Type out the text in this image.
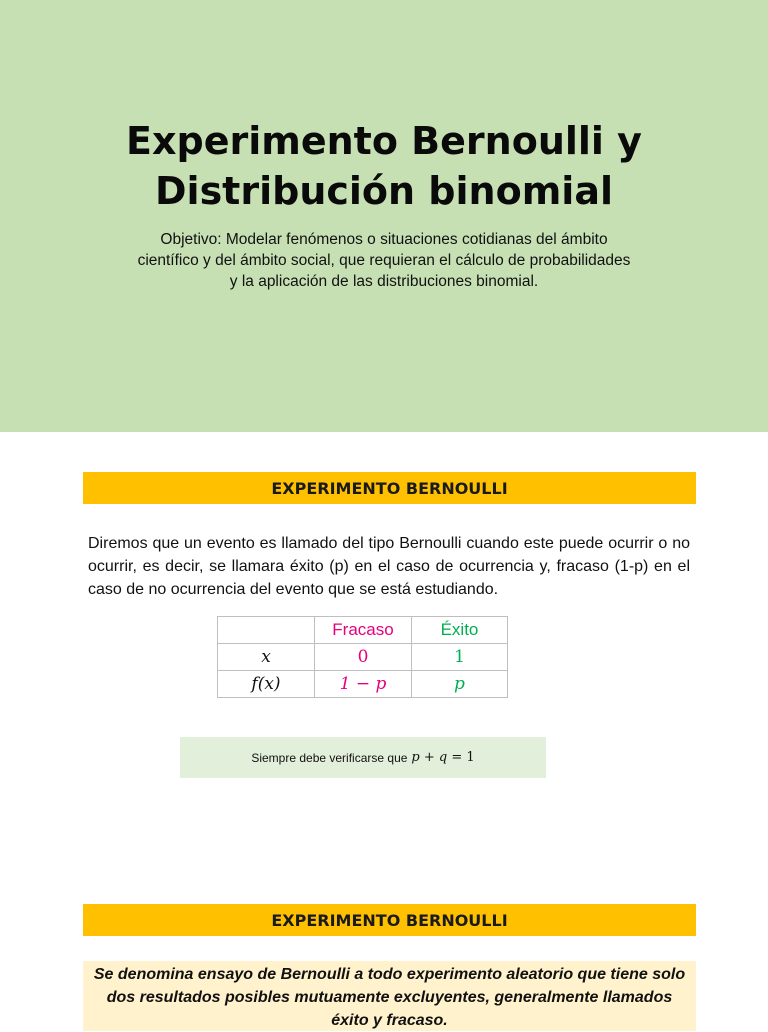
Experimento Bernoulli y
Distribución binomial
Objetivo: Modelar fenómenos o situaciones cotidianas del ámbito
científico y del ámbito social, que requieran el cálculo de probabilidades
y la aplicación de las distribuciones binomial.
EXPERIMENTO BERNOULLI
Diremos que un evento es llamado del tipo Bernoulli cuando este puede ocurrir o no ocurrir, es decir, se llamara éxito (p) en el caso de ocurrencia y, fracaso (1-p) en el caso de no ocurrencia del evento que se está estudiando.
	Fracaso	Éxito
𝑥	0	1
𝑓(𝑥)	1 − 𝑝	𝑝
Siempre debe verificarse que 𝑝 + 𝑞 = 1
EXPERIMENTO BERNOULLI
Se denomina ensayo de Bernoulli a todo experimento aleatorio que tiene solo dos resultados posibles mutuamente excluyentes, generalmente llamados éxito y fracaso.
